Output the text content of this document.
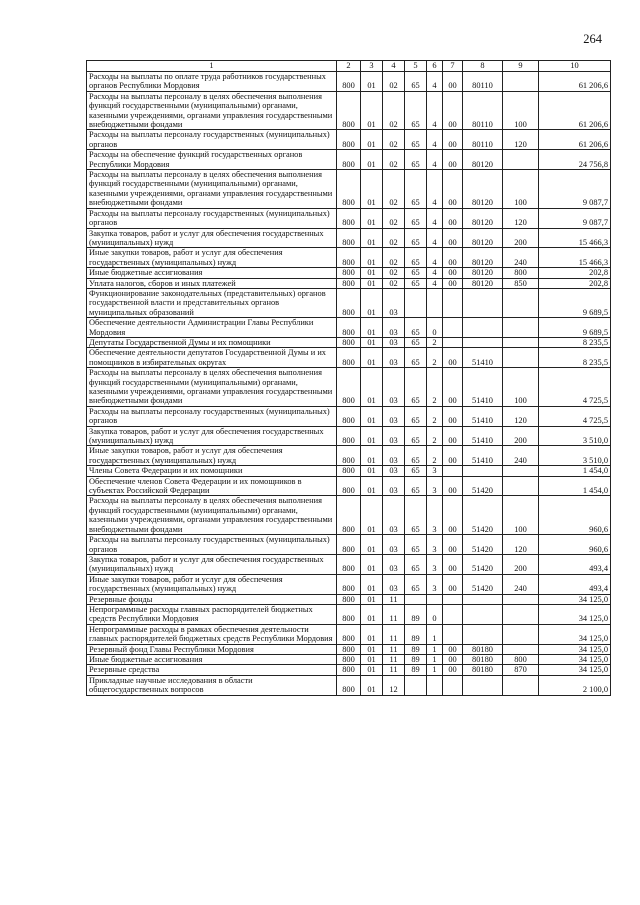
264
1	2	3	4	5	6	7	8	9	10
Расходы на выплаты по оплате труда работников государственных органов Республики Мордовия	800	01	02	65	4	00	80110		61 206,6
Расходы на выплаты персоналу в целях обеспечения выполнения функций государственными (муниципальными) органами, казенными учреждениями, органами управления государственными внебюджетными фондами	800	01	02	65	4	00	80110	100	61 206,6
Расходы на выплаты персоналу государственных (муниципальных) органов	800	01	02	65	4	00	80110	120	61 206,6
Расходы на обеспечение функций государственных органов Республики Мордовия	800	01	02	65	4	00	80120		24 756,8
Расходы на выплаты персоналу в целях обеспечения выполнения функций государственными (муниципальными) органами, казенными учреждениями, органами управления государственными внебюджетными фондами	800	01	02	65	4	00	80120	100	9 087,7
Расходы на выплаты персоналу государственных (муниципальных) органов	800	01	02	65	4	00	80120	120	9 087,7
Закупка товаров, работ и услуг для обеспечения государственных (муниципальных) нужд	800	01	02	65	4	00	80120	200	15 466,3
Иные закупки товаров, работ и услуг для обеспечения государственных (муниципальных) нужд	800	01	02	65	4	00	80120	240	15 466,3
Иные бюджетные ассигнования	800	01	02	65	4	00	80120	800	202,8
Уплата налогов, сборов и иных платежей	800	01	02	65	4	00	80120	850	202,8
Функционирование законодательных (представительных) органов государственной власти и представительных органов муниципальных образований	800	01	03						9 689,5
Обеспечение деятельности Администрации Главы Республики Мордовия	800	01	03	65	0				9 689,5
Депутаты Государственной Думы и их помощники	800	01	03	65	2				8 235,5
Обеспечение деятельности депутатов Государственной Думы и их помощников в избирательных округах	800	01	03	65	2	00	51410		8 235,5
Расходы на выплаты персоналу в целях обеспечения выполнения функций государственными (муниципальными) органами, казенными учреждениями, органами управления государственными внебюджетными фондами	800	01	03	65	2	00	51410	100	4 725,5
Расходы на выплаты персоналу государственных (муниципальных) органов	800	01	03	65	2	00	51410	120	4 725,5
Закупка товаров, работ и услуг для обеспечения государственных (муниципальных) нужд	800	01	03	65	2	00	51410	200	3 510,0
Иные закупки товаров, работ и услуг для обеспечения государственных (муниципальных) нужд	800	01	03	65	2	00	51410	240	3 510,0
Члены Совета Федерации и их помощники	800	01	03	65	3				1 454,0
Обеспечение членов Совета Федерации и их помощников в субъектах Российской Федерации	800	01	03	65	3	00	51420		1 454,0
Расходы на выплаты персоналу в целях обеспечения выполнения функций государственными (муниципальными) органами, казенными учреждениями, органами управления государственными внебюджетными фондами	800	01	03	65	3	00	51420	100	960,6
Расходы на выплаты персоналу государственных (муниципальных) органов	800	01	03	65	3	00	51420	120	960,6
Закупка товаров, работ и услуг для обеспечения государственных (муниципальных) нужд	800	01	03	65	3	00	51420	200	493,4
Иные закупки товаров, работ и услуг для обеспечения государственных (муниципальных) нужд	800	01	03	65	3	00	51420	240	493,4
Резервные фонды	800	01	11						34 125,0
Непрограммные расходы главных распорядителей бюджетных средств Республики Мордовия	800	01	11	89	0				34 125,0
Непрограммные расходы в рамках обеспечения деятельности главных распорядителей бюджетных средств Республики Мордовия	800	01	11	89	1				34 125,0
Резервный фонд Главы Республики Мордовия	800	01	11	89	1	00	80180		34 125,0
Иные бюджетные ассигнования	800	01	11	89	1	00	80180	800	34 125,0
Резервные средства	800	01	11	89	1	00	80180	870	34 125,0
Прикладные научные исследования в области общегосударственных вопросов	800	01	12						2 100,0
